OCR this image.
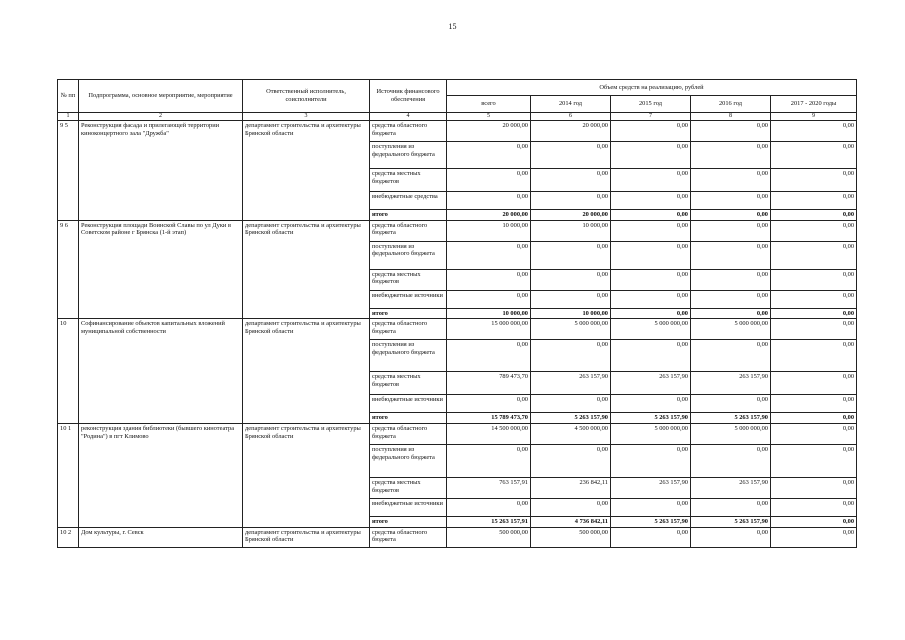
15
№ пп	Подпрограмма, основное мероприятие, мероприятие	Ответственный исполнитель, соисполнители	Источник финансового обеспечения	Объем средств на реализацию, рублей				
				всего	2014 год	2015 год	2016 год	2017 - 2020 годы
1	2	3	4	5	6	7	8	9
9 5	Реконструкция фасада и прилегающей территории киноконцертного зала "Дружба"	департамент строительства и архитектуры Брянской области	средства областного бюджета	20 000,00	20 000,00	0,00	0,00	0,00
			поступления из федерального бюджета	0,00	0,00	0,00	0,00	0,00
			средства местных бюджетов	0,00	0,00	0,00	0,00	0,00
			внебюджетные средства	0,00	0,00	0,00	0,00	0,00
			итого	20 000,00	20 000,00	0,00	0,00	0,00
9 6	Реконструкция площади Воинской Славы по ул Дуки в Советском районе г Брянска (1-й этап)	департамент строительства и архитектуры Брянской области	средства областного бюджета	10 000,00	10 000,00	0,00	0,00	0,00
			поступления из федерального бюджета	0,00	0,00	0,00	0,00	0,00
			средства местных бюджетов	0,00	0,00	0,00	0,00	0,00
			внебюджетные источники	0,00	0,00	0,00	0,00	0,00
			итого	10 000,00	10 000,00	0,00	0,00	0,00
10	Софинансирование объектов капитальных вложений муниципальной собственности	департамент строительства и архитектуры Брянской области	средства областного бюджета	15 000 000,00	5 000 000,00	5 000 000,00	5 000 000,00	0,00
			поступления из федерального бюджета	0,00	0,00	0,00	0,00	0,00
			средства местных бюджетов	789 473,70	263 157,90	263 157,90	263 157,90	0,00
			внебюджетные источники	0,00	0,00	0,00	0,00	0,00
			итого	15 789 473,70	5 263 157,90	5 263 157,90	5 263 157,90	0,00
10 1	реконструкция здания библиотеки (бывшего кинотеатра "Родина") в пгт Климово	департамент строительства и архитектуры Брянской области	средства областного бюджета	14 500 000,00	4 500 000,00	5 000 000,00	5 000 000,00	0,00
			поступления из федерального бюджета	0,00	0,00	0,00	0,00	0,00
			средства местных бюджетов	763 157,91	236 842,11	263 157,90	263 157,90	0,00
			внебюджетные источники	0,00	0,00	0,00	0,00	0,00
			итого	15 263 157,91	4 736 842,11	5 263 157,90	5 263 157,90	0,00
10 2	Дом культуры, г. Севск	департамент строительства и архитектуры Брянской области	средства областного бюджета	500 000,00	500 000,00	0,00	0,00	0,00
